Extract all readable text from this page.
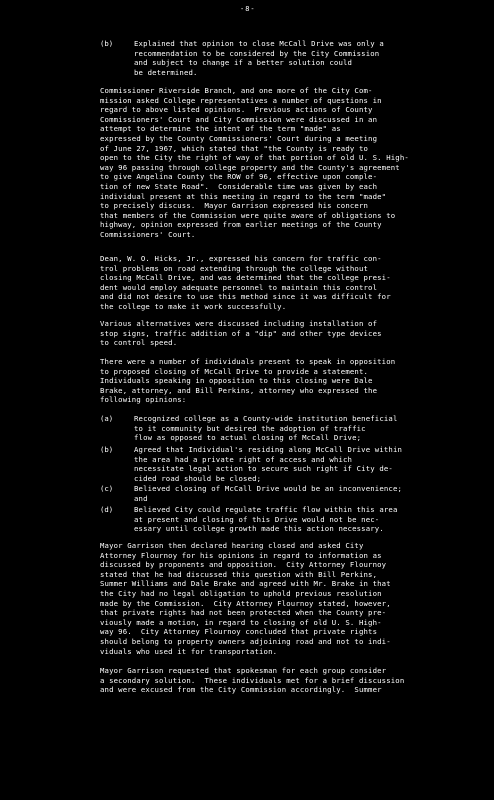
-8-
(b)	Explained that opinion to close McCall Drive was only a
recommendation to be considered by the City Commission
and subject to change if a better solution could
be determined.
Commissioner Riverside Branch, and one more of the City Com-
mission asked College representatives a number of questions in
regard to above listed opinions.  Previous actions of County
Commissioners' Court and City Commission were discussed in an
attempt to determine the intent of the term "made" as
expressed by the County Commissioners' Court during a meeting
of June 27, 1967, which stated that "the County is ready to
open to the City the right of way of that portion of old U. S. High-
way 96 passing through college property and the County's agreement
to give Angelina County the ROW of 96, effective upon comple-
tion of new State Road".  Considerable time was given by each
individual present at this meeting in regard to the term "made"
to precisely discuss.  Mayor Garrison expressed his concern
that members of the Commission were quite aware of obligations to
highway, opinion expressed from earlier meetings of the County
Commissioners' Court.
Dean, W. O. Hicks, Jr., expressed his concern for traffic con-
trol problems on road extending through the college without
closing McCall Drive, and was determined that the college presi-
dent would employ adequate personnel to maintain this control
and did not desire to use this method since it was difficult for
the college to make it work successfully.
Various alternatives were discussed including installation of
stop signs, traffic addition of a "dip" and other type devices
to control speed.
There were a number of individuals present to speak in opposition
to proposed closing of McCall Drive to provide a statement.
Individuals speaking in opposition to this closing were Dale
Brake, attorney, and Bill Perkins, attorney who expressed the
following opinions:
(a)	Recognized college as a County-wide institution beneficial
to it community but desired the adoption of traffic
flow as opposed to actual closing of McCall Drive;
(b)	Agreed that Individual's residing along McCall Drive within
the area had a private right of access and which
necessitate legal action to secure such right if City de-
cided road should be closed;
(c)	Believed closing of McCall Drive would be an inconvenience;
and
(d)	Believed City could regulate traffic flow within this area
at present and closing of this Drive would not be nec-
essary until college growth made this action necessary.
Mayor Garrison then declared hearing closed and asked City
Attorney Flournoy for his opinions in regard to information as
discussed by proponents and opposition.  City Attorney Flournoy
stated that he had discussed this question with Bill Perkins,
Summer Williams and Dale Brake and agreed with Mr. Brake in that
the City had no legal obligation to uphold previous resolution
made by the Commission.  City Attorney Flournoy stated, however,
that private rights had not been protected when the County pre-
viously made a motion, in regard to closing of old U. S. High-
way 96.  City Attorney Flournoy concluded that private rights
should belong to property owners adjoining road and not to indi-
viduals who used it for transportation.
Mayor Garrison requested that spokesman for each group consider
a secondary solution.  These individuals met for a brief discussion
and were excused from the City Commission accordingly.  Summer
